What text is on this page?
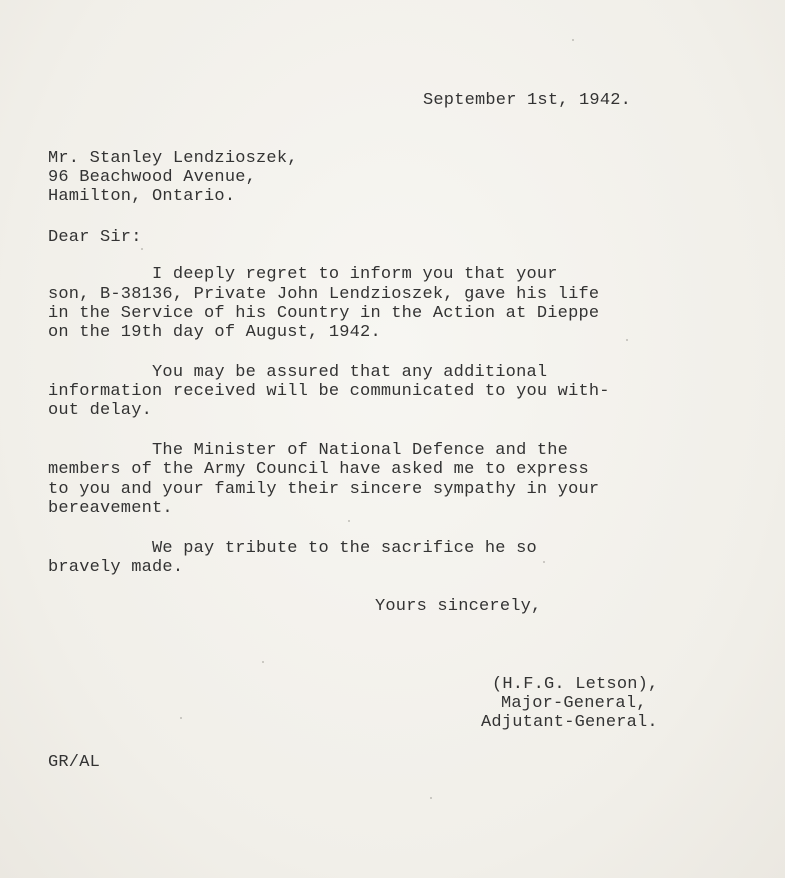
September 1st, 1942.
Mr. Stanley Lendzioszek,
96 Beachwood Avenue,
Hamilton, Ontario.
Dear Sir:
I deeply regret to inform you that your
son, B-38136, Private John Lendzioszek, gave his life
in the Service of his Country in the Action at Dieppe
on the 19th day of August, 1942.
You may be assured that any additional
information received will be communicated to you with-
out delay.
The Minister of National Defence and the
members of the Army Council have asked me to express
to you and your family their sincere sympathy in your
bereavement.
We pay tribute to the sacrifice he so
bravely made.
Yours sincerely,
(H.F.G. Letson),
Major-General,
Adjutant-General.
GR/AL
